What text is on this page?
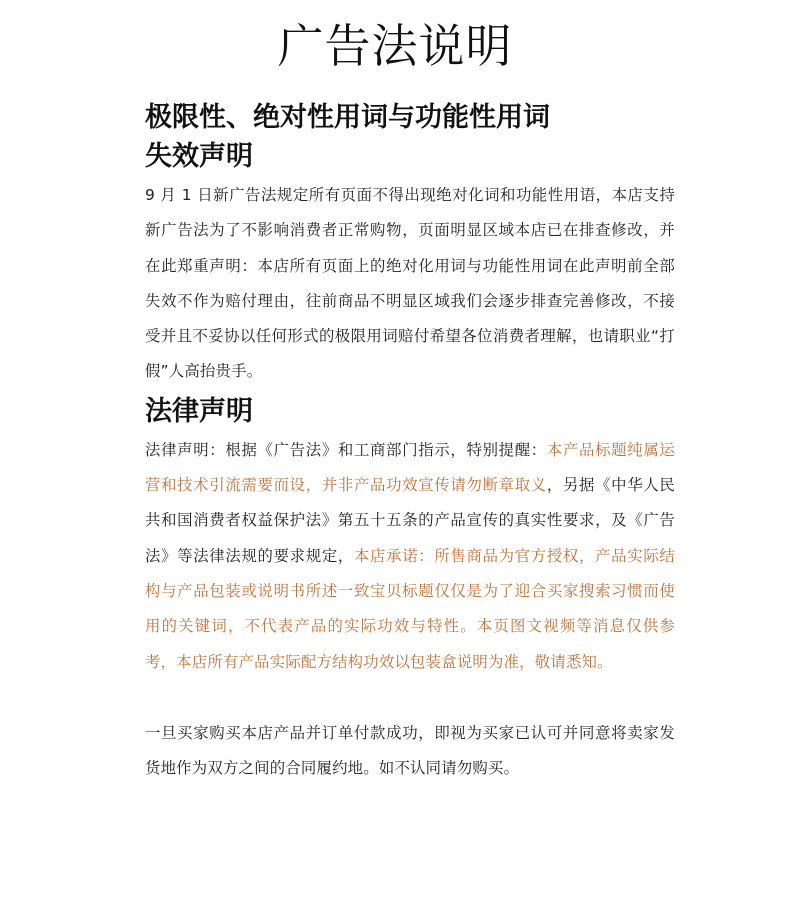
广告法说明
极限性、绝对性用词与功能性用词
失效声明

9 月 1 日新广告法规定所有页面不得出现绝对化词和功能性用语，本店支持新广告法为了不影响消费者正常购物，页面明显区域本店已在排查修改，并在此郑重声明：本店所有页面上的绝对化用词与功能性用词在此声明前全部失效不作为赔付理由，往前商品不明显区域我们会逐步排查完善修改，不接受并且不妥协以任何形式的极限用词赔付希望各位消费者理解，也请职业“打假”人高抬贵手。

法律声明

法律声明：根据《广告法》和工商部门指示，特别提醒：本产品标题纯属运营和技术引流需要而设，并非产品功效宣传请勿断章取义，另据《中华人民共和国消费者权益保护法》第五十五条的产品宣传的真实性要求，及《广告法》等法律法规的要求规定，本店承诺：所售商品为官方授权，产品实际结构与产品包装或说明书所述一致宝贝标题仅仅是为了迎合买家搜索习惯而使用的关键词，不代表产品的实际功效与特性。本页图文视频等消息仅供参考，本店所有产品实际配方结构功效以包装盒说明为准，敬请悉知。

一旦买家购买本店产品并订单付款成功，即视为买家已认可并同意将卖家发货地作为双方之间的合同履约地。如不认同请勿购买。
